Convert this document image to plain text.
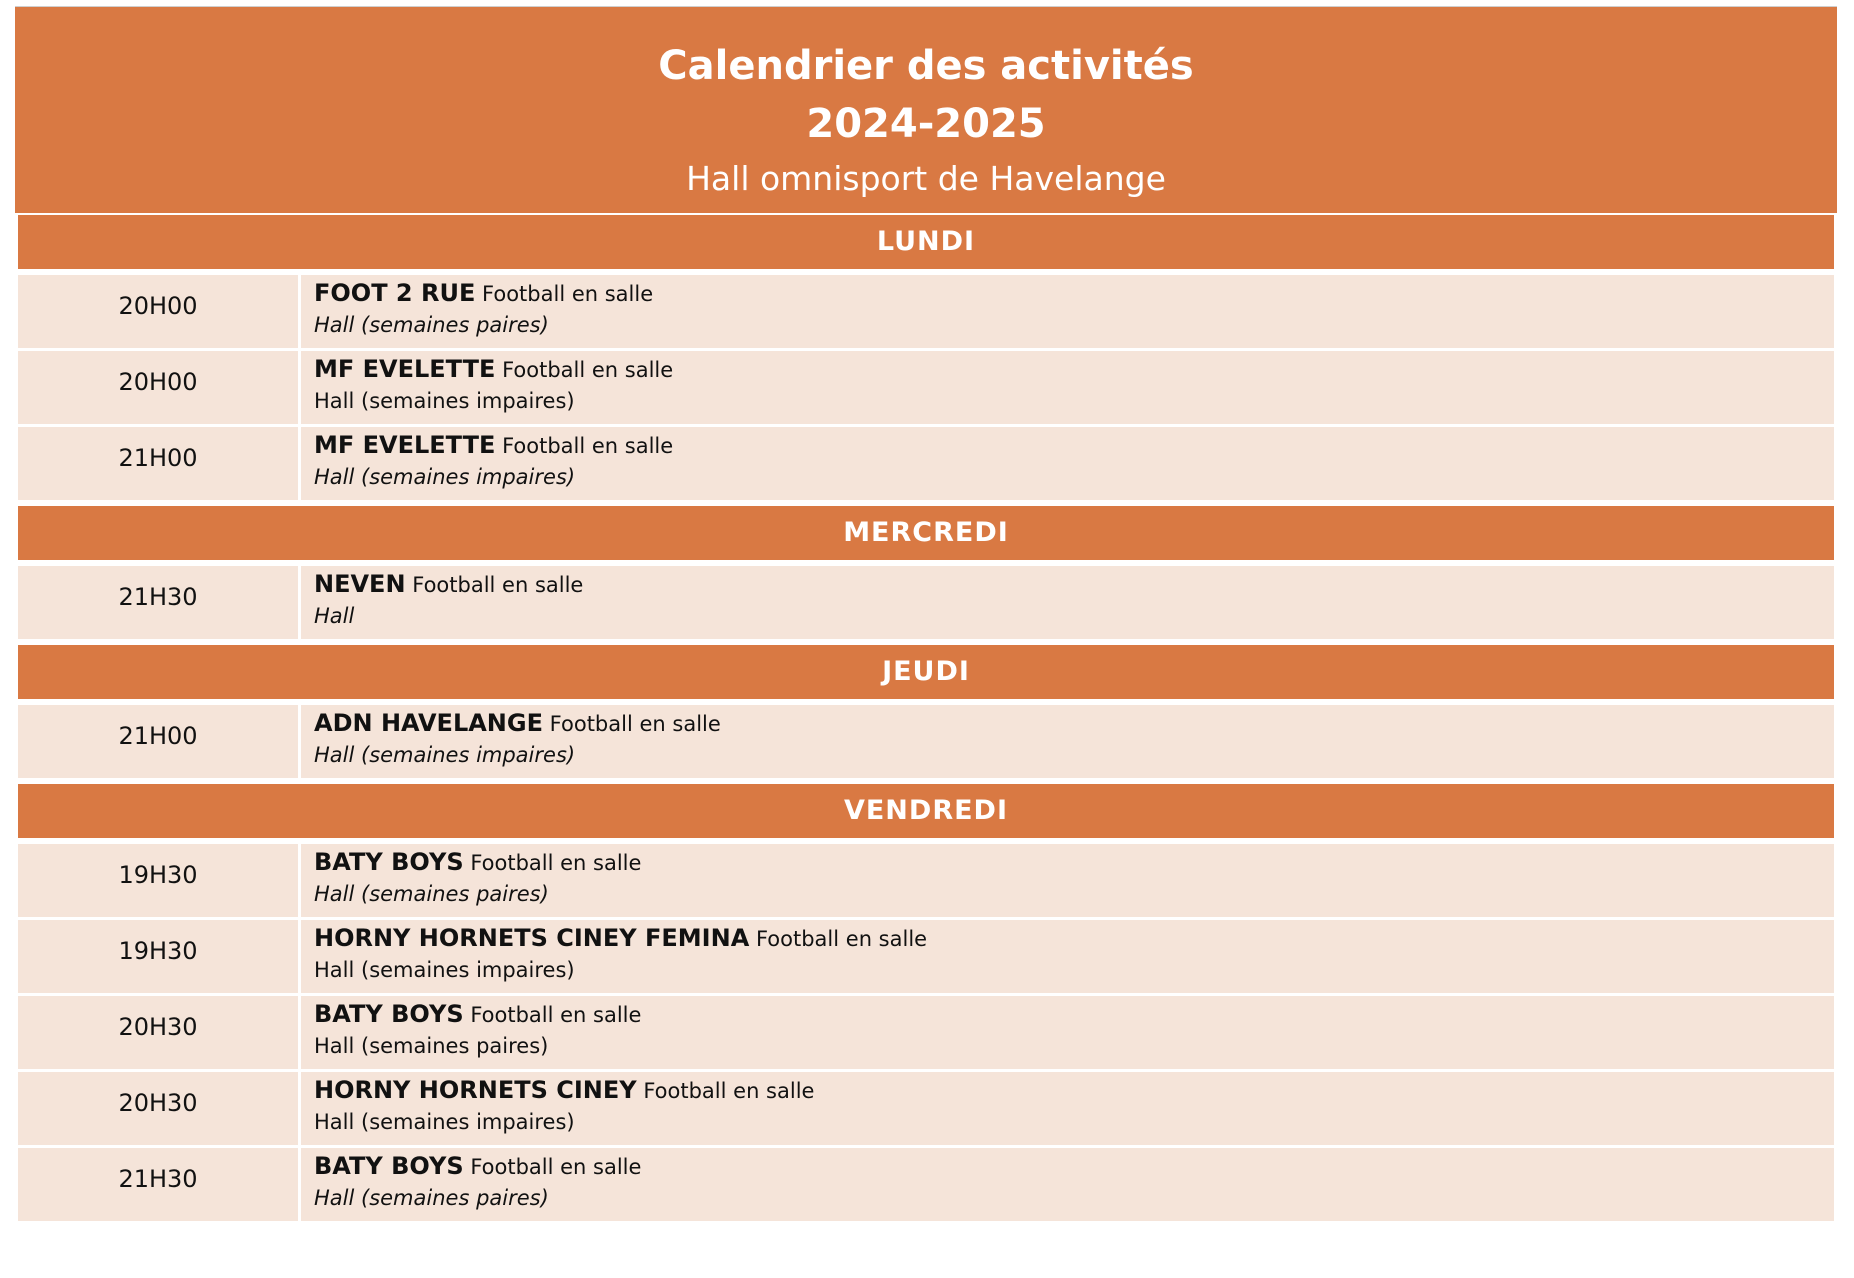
Calendrier des activités
2024-2025
Hall omnisport de Havelange
LUNDI
20H00	FOOT 2 RUE Football en salle
Hall (semaines paires)
20H00	MF EVELETTE Football en salle
Hall (semaines impaires)
21H00	MF EVELETTE Football en salle
Hall (semaines impaires)
MERCREDI
21H30	NEVEN Football en salle
Hall
JEUDI
21H00	ADN HAVELANGE Football en salle
Hall (semaines impaires)
VENDREDI
19H30	BATY BOYS Football en salle
Hall (semaines paires)
19H30	HORNY HORNETS CINEY FEMINA Football en salle
Hall (semaines impaires)
20H30	BATY BOYS Football en salle
Hall (semaines paires)
20H30	HORNY HORNETS CINEY Football en salle
Hall (semaines impaires)
21H30	BATY BOYS Football en salle
Hall (semaines paires)
